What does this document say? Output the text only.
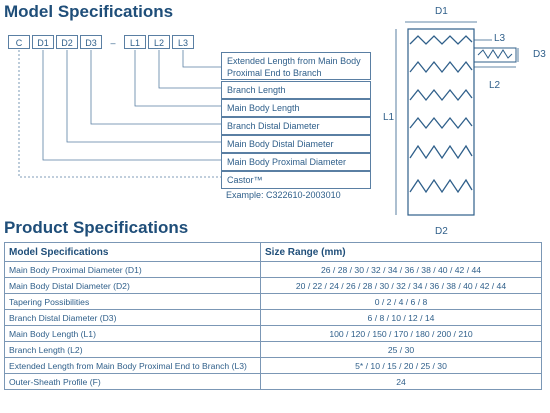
Model Specifications
C	D1	D2	D3	–	L1	L2	L3
Extended Length from Main Body Proximal End to Branch
Branch Length
Main Body Length
Branch Distal Diameter
Main Body Distal Diameter
Main Body Proximal Diameter
Castor™
Example: C322610-2003010
D1
D2
L1
L3
D3
L2
Product Specifications
Model Specifications	Size Range (mm)
Main Body Proximal Diameter (D1)	26 / 28 / 30 / 32 / 34 / 36 / 38 / 40 / 42 / 44
Main Body Distal Diameter (D2)	20 / 22 / 24 / 26 / 28 / 30 / 32 / 34 / 36 / 38 / 40 / 42 / 44
Tapering Possibilities	0 / 2 / 4 / 6 / 8
Branch Distal Diameter (D3)	6 / 8 / 10 / 12 / 14
Main Body Length (L1)	100 / 120 / 150 / 170 / 180 / 200 / 210
Branch Length (L2)	25 / 30
Extended Length from Main Body Proximal End to Branch (L3)	5* / 10 / 15 / 20 / 25 / 30
Outer-Sheath Profile (F)	24
